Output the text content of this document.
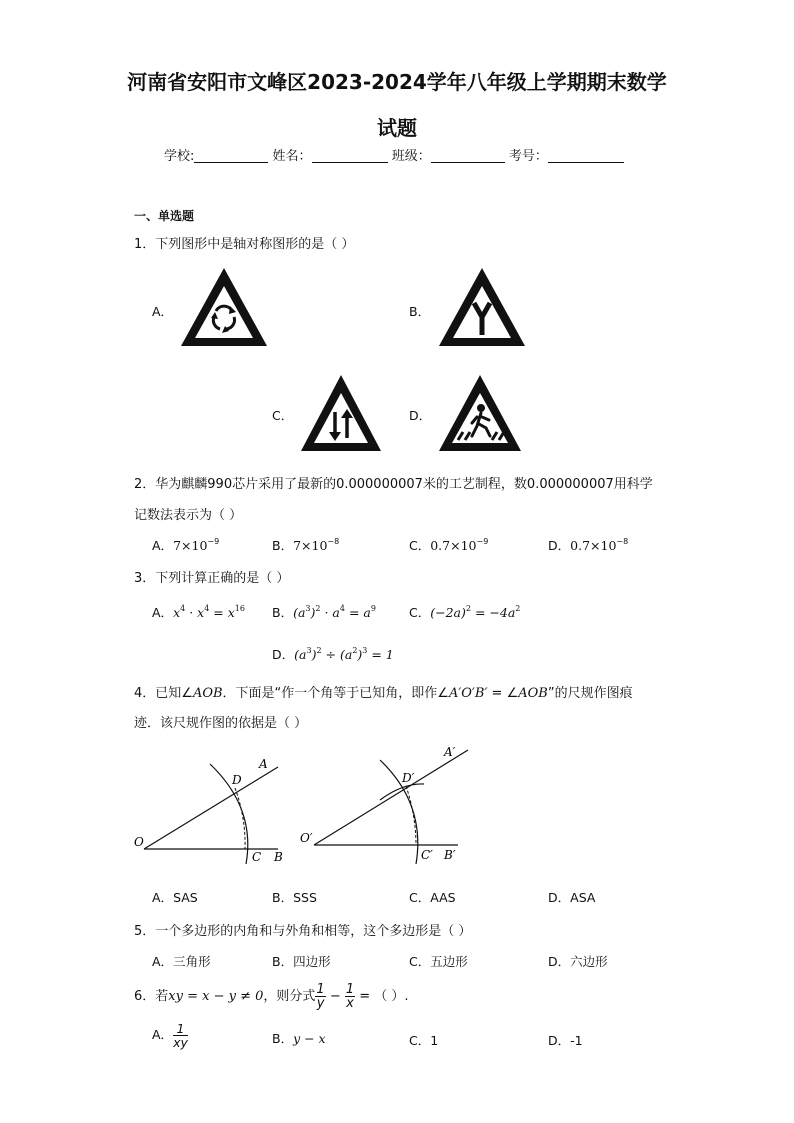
河南省安阳市文峰区2023-2024学年八年级上学期期末数学
试题
学校:	姓名：	班级：	考号：
一、单选题
1．下列图形中是轴对称图形的是（ ）
A．	B．
C．	D．
2．华为麒麟990芯片采用了最新的0.000000007米的工艺制程，数0.000000007用科学
记数法表示为（ ）
A．$7\times 10^{-9}$	B．$7\times 10^{-8}$	C．$0.7\times 10^{-9}$	D．$0.7\times 10^{-8}$
3．下列计算正确的是（ ）
A．$x^4 \cdot x^4 = x^{16}$ B．$(a^3)^2 \cdot a^4 = a^9$	C．$(-2a)^2 = -4a^2$
D．$(a^3)^2 \div (a^2)^3 = 1$
4．已知∠AOB．下面是“作一个角等于已知角，即作∠A′O′B′ = ∠AOB”的尺规作图痕
迹．该尺规作图的依据是（ ）
O
D
A
C B
O′
D′
A′
C′ B′
A．SAS	B．SSS	C．AAS	D．ASA
5．一个多边形的内角和与外角和相等，这个多边形是（ ）
A．三角形	B．四边形	C．五边形	D．六边形
6．若xy = x − y ≠ 0，则分式 $\frac{1}{y} - \frac{1}{x}$ = （ ）.
A． $\frac{1}{xy}$	B．y − x	C．1	D．-1
